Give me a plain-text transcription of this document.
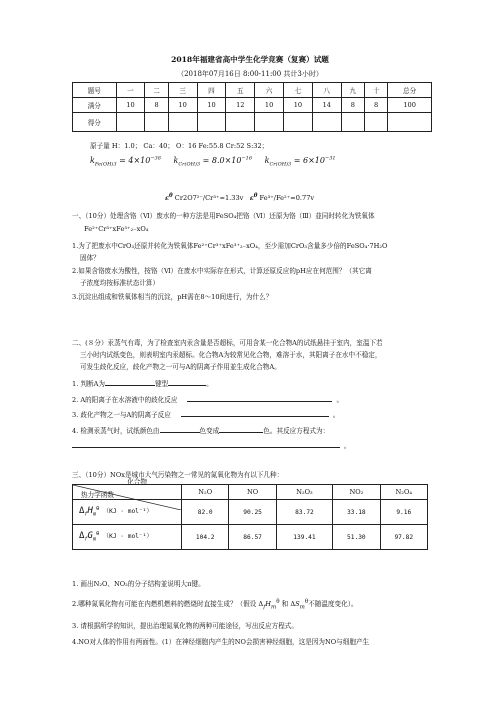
2018年福建省高中学生化学竞赛（复赛）试题
（2018年07月16日 8:00-11:00 共计3小时）
题号	一	二	三	四	五	六	七	八	九	十	总分
满分	10	8	10	10	12	10	10	14	8	8	100
得分											
原子量 H：1.0； Ca：40； O：16 Fe:55.8 Cr:52 S:32；
$k_{Fe(OH)3} = 4\times 10^{-38}$ $k_{Cr(OH)3} = 8.0\times 10^{-16}$ $k_{Cr(OH)3} = 6\times 10^{-31}$
$\varepsilon^\theta$ Cr2O7²⁻/Cr³⁺=1.33v $\varepsilon^\theta$ Fe³⁺/Fe²⁺=0.77v
一、（10分）处理含铬（Ⅵ）废水的一种方法是用FeSO₄把铬（Ⅵ）还原为铬（Ⅲ）並同时转化为铁氧体
Fe²⁺Cr³⁺xFe³⁺₂₋xO₄
1.为了把废水中CrO₃还原并转化为铁氧体Fe²⁺Cr³⁺xFe³⁺₂₋xO₄，至少需加CrO₃含量多少倍的FeSO₄·7H₂O
固体？
2.如果含铬废水为酸性，按铬（Ⅵ）在废水中实际存在形式，计算还原反应的pH应在何范围？（其它离
子浓度均按标准状态计算）
3.沉淀出组成和铁氧体相当的沉淀，pH需在8～10间进行，为什么？
二、(８分）汞蒸气有毒，为了检查室内汞含量是否超标，可用含某一化合物A的试纸悬挂于室内，室温下若
三小时内试纸变色，则表明室内汞超标。化合物A为较常见化合物，难溶于水，其阳离子在水中不稳定，
可发生歧化反应，歧化产物之一可与A的阴离子作用並生成化合物A。
1. 判断A为	键型	。
2. A的阳离子在水溶液中的歧化反应	。
3. 歧化产物之一与A的阴离子反应	。
4. 检测汞蒸气时，试纸颜色由	色变成	色。其反应方程式为：
。
三、（10分）NOx是城市大气污染物之一常见的氮氧化物为有以下几种：
化合物
热力学函数	N₂O	NO	N₂O₃	NO₂	N₂O₄

$\Delta_fH_m^\theta$ （KJ · mol⁻¹）	82.0	90.25	83.72	33.18	9.16
$\Delta_fG_m^\theta$ （KJ · mol⁻¹）	104.2	86.57	139.41	51.30	97.82
1. 画出N₂O、NO₂的分子结构並说明大π键。
2.哪种氮氧化物有可能在内燃机燃料的燃烧时直接生成？（假设 $\Delta_fH_m^\theta$ 和 $\Delta S_m^\theta$不随温度变化）。
3. 请根据所学的知识，提出治理氮氧化物的两种可能途径，写出反应方程式。
4.NO对人体的作用有两面性。(1）在神经细胞内产生的NO会损害神经细胞，这是因为NO与细胞产生
